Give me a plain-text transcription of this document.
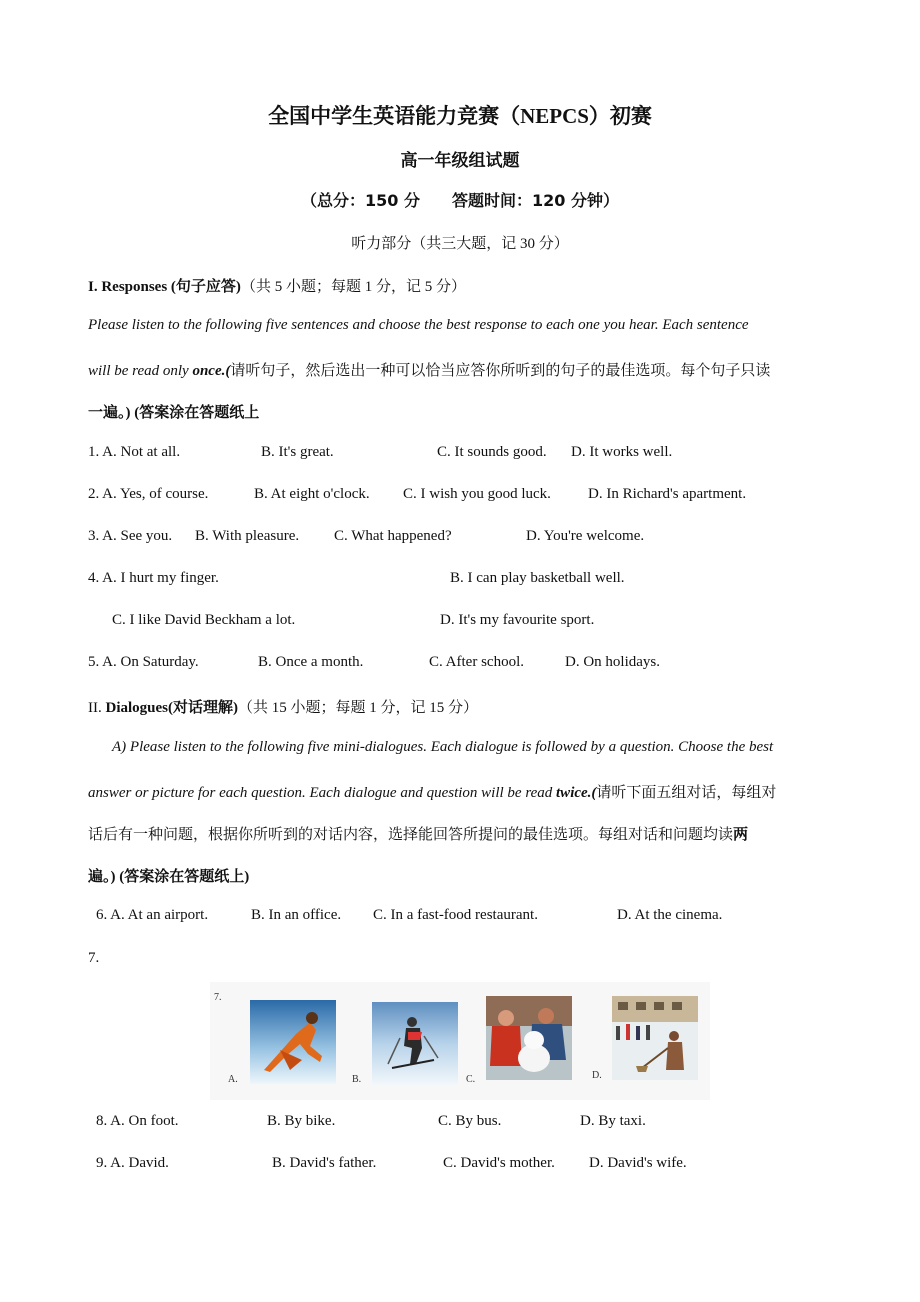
全国中学生英语能力竞赛（NEPCS）初赛
高一年级组试题
（总分：150 分　　答题时间：120 分钟）
听力部分（共三大题，记 30 分）
I. Responses (句子应答)（共 5 小题；每题 1 分，记 5 分）
Please listen to the following five sentences and choose the best response to each one you hear. Each sentence
will be read only once.(请听句子，然后选出一种可以恰当应答你所听到的句子的最佳选项。每个句子只读
一遍。) (答案涂在答题纸上
1. A. Not at all.	B. It's great.	C. It sounds good. D. It works well.
2. A. Yes, of course.	B. At eight o'clock. C. I wish you good luck. D. In Richard's apartment.
3. A. See you. B. With pleasure. C. What happened?	D. You're welcome.
4. A. I hurt my finger.	B. I can play basketball well.
C. I like David Beckham a lot.	D. It's my favourite sport.
5. A. On Saturday.	B. Once a month.	C. After school.	D. On holidays.
II. Dialogues(对话理解)（共 15 小题；每题 1 分，记 15 分）
A) Please listen to the following five mini-dialogues. Each dialogue is followed by a question. Choose the best
answer or picture for each question. Each dialogue and question will be read twice.(请听下面五组对话，每组对
话后有一种问题，根据你所听到的对话内容，选择能回答所提问的最佳选项。每组对话和问题均读两
遍。) (答案涂在答题纸上)
6. A. At an airport.	B. In an office. C. In a fast-food restaurant.	D. At the cinema.
7.
7.
A.	B.	C.	D.
8. A. On foot.	B. By bike.	C. By bus.	D. By taxi.
9. A. David.	B. David's father.	C. David's mother. D. David's wife.
